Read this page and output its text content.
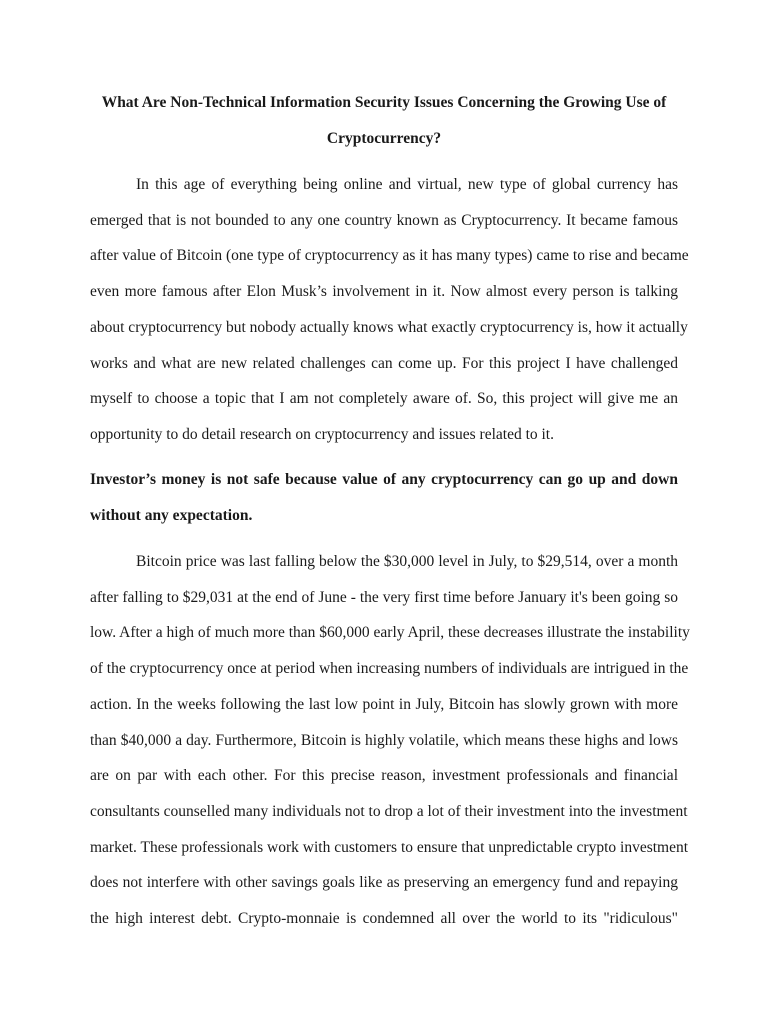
What Are Non-Technical Information Security Issues Concerning the Growing Use of
Cryptocurrency?
In this age of everything being online and virtual, new type of global currency has
emerged that is not bounded to any one country known as Cryptocurrency. It became famous
after value of Bitcoin (one type of cryptocurrency as it has many types) came to rise and became
even more famous after Elon Musk’s involvement in it. Now almost every person is talking
about cryptocurrency but nobody actually knows what exactly cryptocurrency is, how it actually
works and what are new related challenges can come up. For this project I have challenged
myself to choose a topic that I am not completely aware of. So, this project will give me an
opportunity to do detail research on cryptocurrency and issues related to it.
Investor’s money is not safe because value of any cryptocurrency can go up and down
without any expectation.
Bitcoin price was last falling below the $30,000 level in July, to $29,514, over a month
after falling to $29,031 at the end of June - the very first time before January it's been going so
low. After a high of much more than $60,000 early April, these decreases illustrate the instability
of the cryptocurrency once at period when increasing numbers of individuals are intrigued in the
action. In the weeks following the last low point in July, Bitcoin has slowly grown with more
than $40,000 a day. Furthermore, Bitcoin is highly volatile, which means these highs and lows
are on par with each other. For this precise reason, investment professionals and financial
consultants counselled many individuals not to drop a lot of their investment into the investment
market. These professionals work with customers to ensure that unpredictable crypto investment
does not interfere with other savings goals like as preserving an emergency fund and repaying
the high interest debt. Crypto-monnaie is condemned all over the world to its "ridiculous"
